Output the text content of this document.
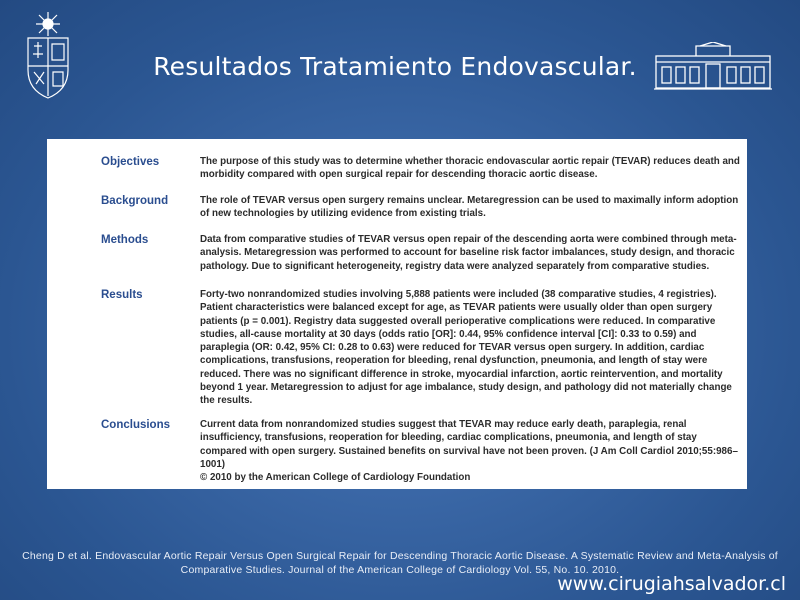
Resultados Tratamiento Endovascular.
Objectives	The purpose of this study was to determine whether thoracic endovascular aortic repair (TEVAR) reduces death and morbidity compared with open surgical repair for descending thoracic aortic disease.
Background	The role of TEVAR versus open surgery remains unclear. Metaregression can be used to maximally inform adoption of new technologies by utilizing evidence from existing trials.
Methods	Data from comparative studies of TEVAR versus open repair of the descending aorta were combined through meta-analysis. Metaregression was performed to account for baseline risk factor imbalances, study design, and thoracic pathology. Due to significant heterogeneity, registry data were analyzed separately from comparative studies.
Results	Forty-two nonrandomized studies involving 5,888 patients were included (38 comparative studies, 4 registries). Patient characteristics were balanced except for age, as TEVAR patients were usually older than open surgery patients (p = 0.001). Registry data suggested overall perioperative complications were reduced. In comparative studies, all-cause mortality at 30 days (odds ratio [OR]: 0.44, 95% confidence interval [CI]: 0.33 to 0.59) and paraplegia (OR: 0.42, 95% CI: 0.28 to 0.63) were reduced for TEVAR versus open surgery. In addition, cardiac complications, transfusions, reoperation for bleeding, renal dysfunction, pneumonia, and length of stay were reduced. There was no significant difference in stroke, myocardial infarction, aortic reintervention, and mortality beyond 1 year. Metaregression to adjust for age imbalance, study design, and pathology did not materially change the results.
Conclusions	Current data from nonrandomized studies suggest that TEVAR may reduce early death, paraplegia, renal insufficiency, transfusions, reoperation for bleeding, cardiac complications, pneumonia, and length of stay compared with open surgery. Sustained benefits on survival have not been proven. (J Am Coll Cardiol 2010;55:986–1001)
© 2010 by the American College of Cardiology Foundation
Cheng D et al. Endovascular Aortic Repair Versus Open Surgical Repair for Descending Thoracic Aortic Disease. A Systematic Review and Meta-Analysis of Comparative Studies. Journal of the American College of Cardiology Vol. 55, No. 10. 2010.
www.cirugiahsalvador.cl
